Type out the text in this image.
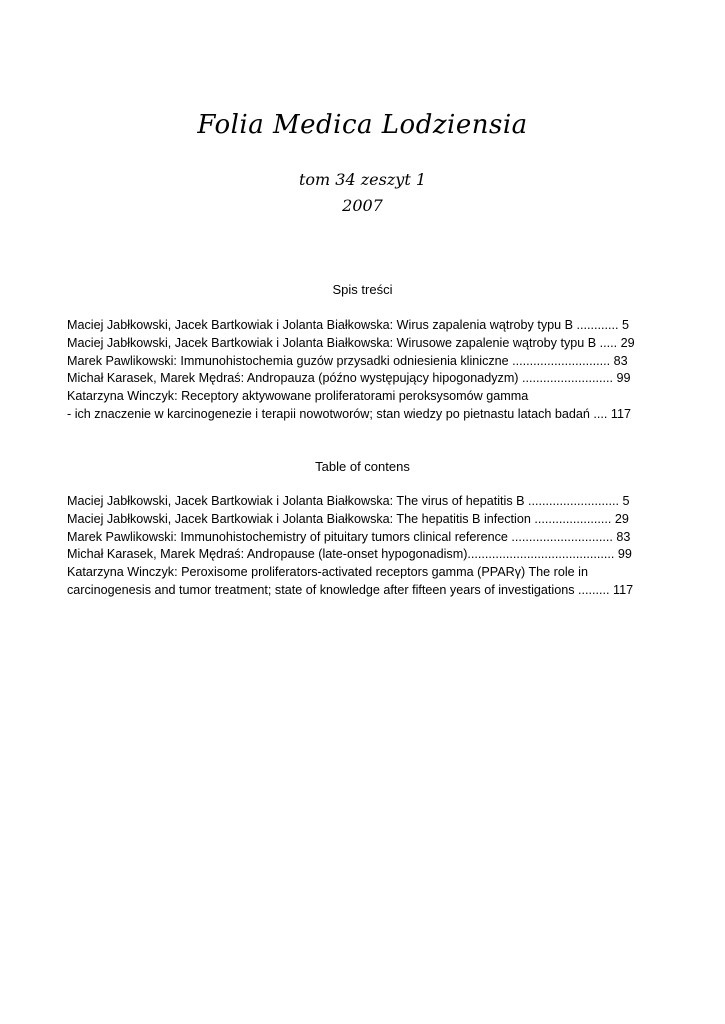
Folia Medica Lodziensia
tom 34 zeszyt 1
2007
Spis treści
Maciej Jabłkowski, Jacek Bartkowiak i Jolanta Białkowska: Wirus zapalenia wątroby typu B ............ 5
Maciej Jabłkowski, Jacek Bartkowiak i Jolanta Białkowska: Wirusowe zapalenie wątroby typu B ..... 29
Marek Pawlikowski: Immunohistochemia guzów przysadki odniesienia kliniczne ............................ 83
Michał Karasek, Marek Mędraś: Andropauza (późno występujący hipogonadyzm) .......................... 99
Katarzyna Winczyk: Receptory aktywowane proliferatorami peroksysomów gamma
- ich znaczenie w karcinogenezie i terapii nowotworów; stan wiedzy po pietnastu latach badań .... 117
Table of contens
Maciej Jabłkowski, Jacek Bartkowiak i Jolanta Białkowska: The virus of hepatitis B .......................... 5
Maciej Jabłkowski, Jacek Bartkowiak i Jolanta Białkowska: The hepatitis B infection ...................... 29
Marek Pawlikowski: Immunohistochemistry of pituitary tumors clinical reference ............................. 83
Michał Karasek, Marek Mędraś: Andropause (late-onset hypogonadism).......................................... 99
Katarzyna Winczyk: Peroxisome proliferators-activated receptors gamma (PPARγ) The role in
carcinogenesis and tumor treatment; state of knowledge after fifteen years of investigations ......... 117
